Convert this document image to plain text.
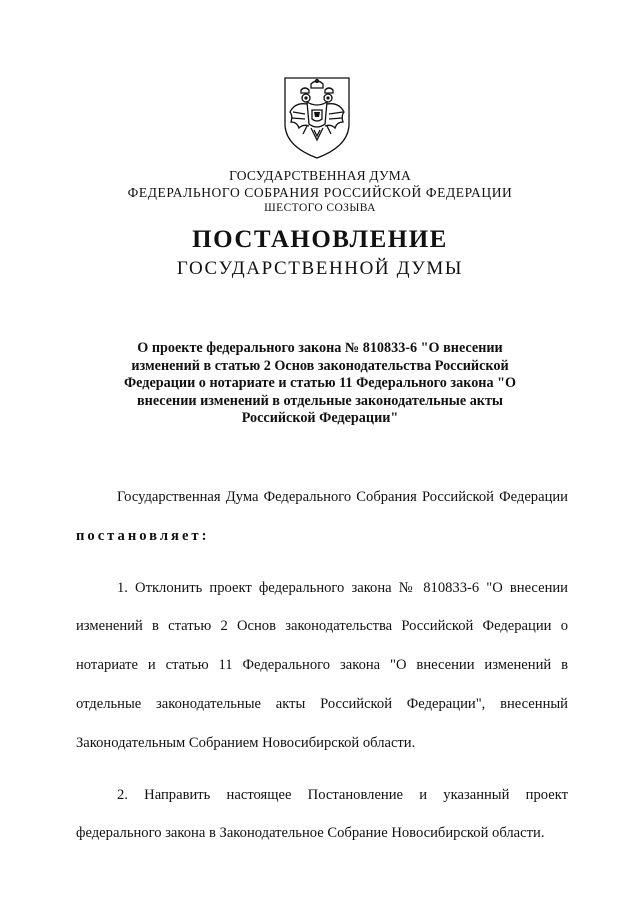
ГОСУДАРСТВЕННАЯ ДУМА
ФЕДЕРАЛЬНОГО СОБРАНИЯ РОССИЙСКОЙ ФЕДЕРАЦИИ
ШЕСТОГО СОЗЫВА
ПОСТАНОВЛЕНИЕ
ГОСУДАРСТВЕННОЙ ДУМЫ
О проекте федерального закона № 810833-6 "О внесении изменений в статью 2 Основ законодательства Российской Федерации о нотариате и статью 11 Федерального закона "О внесении изменений в отдельные законодательные акты Российской Федерации"

Государственная Дума Федерального Собрания Российской Федерации постановляет:

1. Отклонить проект федерального закона № 810833-6 "О внесении изменений в статью 2 Основ законодательства Российской Федерации о нотариате и статью 11 Федерального закона "О внесении изменений в отдельные законодательные акты Российской Федерации", внесенный Законодательным Собранием Новосибирской области.

2. Направить настоящее Постановление и указанный проект федерального закона в Законодательное Собрание Новосибирской области.
